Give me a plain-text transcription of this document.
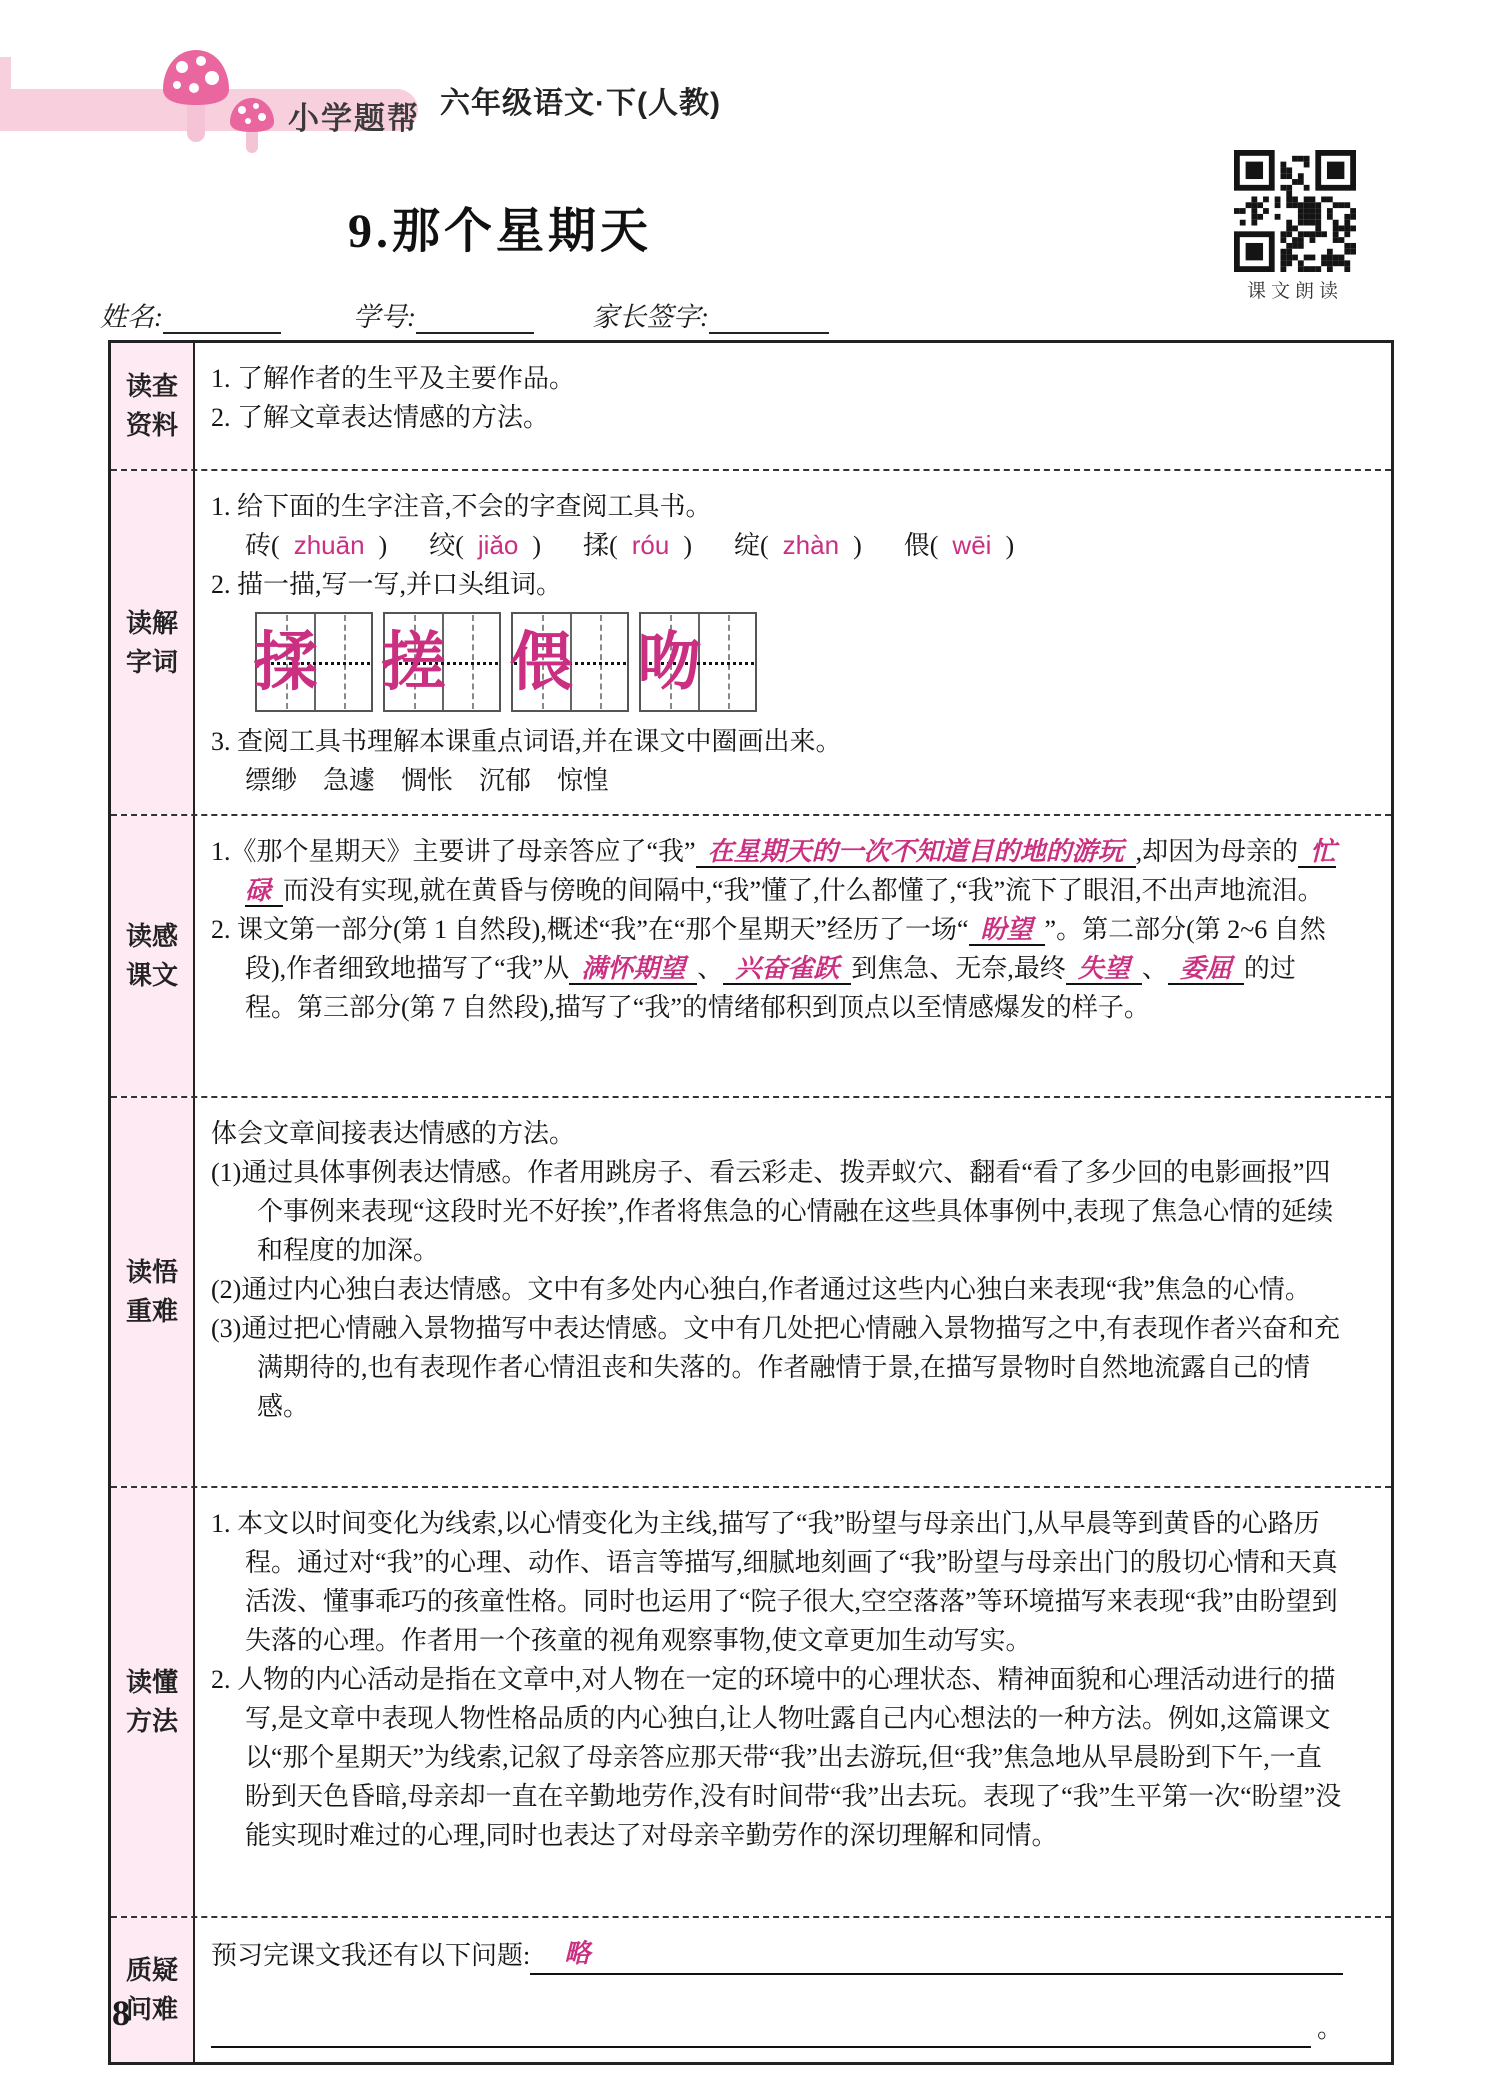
小学题帮 六年级语文·下(人教)
9.那个星期天
课文朗读
姓名:	学号:	家长签字:
读查资料
1. 了解作者的生平及主要作品。
2. 了解文章表达情感的方法。
读解字词
1. 给下面的生字注音,不会的字查阅工具书。
砖( zhuān ) 绞( jiǎo ) 揉( róu ) 绽( zhàn ) 偎( wēi )
2. 描一描,写一写,并口头组词。
揉 搓 偎 吻
3. 查阅工具书理解本课重点词语,并在课文中圈画出来。
缥缈　急遽　惆怅　沉郁　惊惶
读感课文
1.《那个星期天》主要讲了母亲答应了“我” 在星期天的一次不知道目的地的游玩 ,却因为母亲的 忙碌 而没有实现,就在黄昏与傍晚的间隔中,“我”懂了,什么都懂了,“我”流下了眼泪,不出声地流泪。
2. 课文第一部分(第 1 自然段),概述“我”在“那个星期天”经历了一场“ 盼望 ”。第二部分(第 2~6 自然段),作者细致地描写了“我”从 满怀期望 、 兴奋雀跃 到焦急、无奈,最终 失望 、 委屈 的过程。第三部分(第 7 自然段),描写了“我”的情绪郁积到顶点以至情感爆发的样子。
读悟重难
体会文章间接表达情感的方法。
(1)通过具体事例表达情感。作者用跳房子、看云彩走、拨弄蚁穴、翻看“看了多少回的电影画报”四个事例来表现“这段时光不好挨”,作者将焦急的心情融在这些具体事例中,表现了焦急心情的延续和程度的加深。
(2)通过内心独白表达情感。文中有多处内心独白,作者通过这些内心独白来表现“我”焦急的心情。
(3)通过把心情融入景物描写中表达情感。文中有几处把心情融入景物描写之中,有表现作者兴奋和充满期待的,也有表现作者心情沮丧和失落的。作者融情于景,在描写景物时自然地流露自己的情感。
读懂方法
1. 本文以时间变化为线索,以心情变化为主线,描写了“我”盼望与母亲出门,从早晨等到黄昏的心路历程。通过对“我”的心理、动作、语言等描写,细腻地刻画了“我”盼望与母亲出门的殷切心情和天真活泼、懂事乖巧的孩童性格。同时也运用了“院子很大,空空落落”等环境描写来表现“我”由盼望到失落的心理。作者用一个孩童的视角观察事物,使文章更加生动写实。
2. 人物的内心活动是指在文章中,对人物在一定的环境中的心理状态、精神面貌和心理活动进行的描写,是文章中表现人物性格品质的内心独白,让人物吐露自己内心想法的一种方法。例如,这篇课文以“那个星期天”为线索,记叙了母亲答应那天带“我”出去游玩,但“我”焦急地从早晨盼到下午,一直盼到天色昏暗,母亲却一直在辛勤地劳作,没有时间带“我”出去玩。表现了“我”生平第一次“盼望”没能实现时难过的心理,同时也表达了对母亲辛勤劳作的深切理解和同情。
质疑问难
预习完课文我还有以下问题:	略
。
8
